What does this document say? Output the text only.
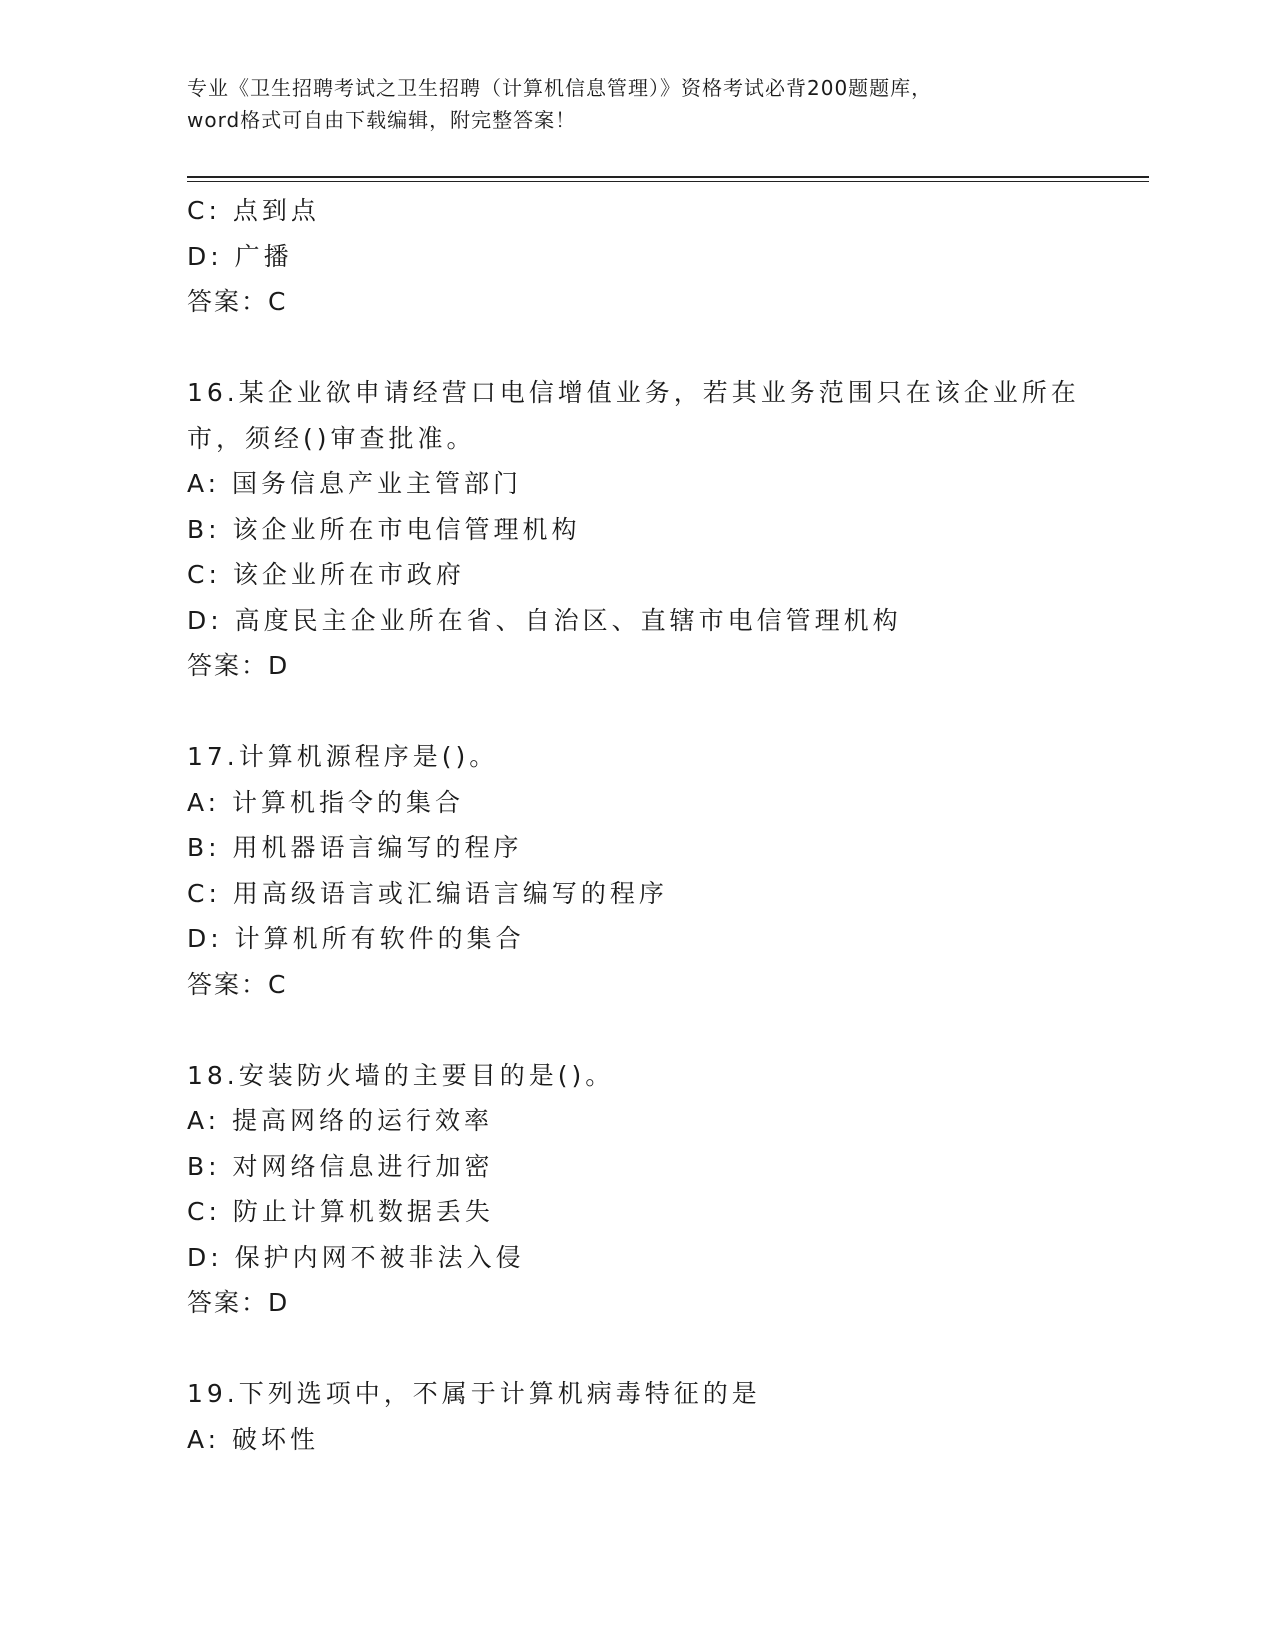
专业《卫生招聘考试之卫生招聘（计算机信息管理）》资格考试必背200题题库，
word格式可自由下载编辑，附完整答案！
C: 点到点
D: 广播
答案：C
16.某企业欲申请经营口电信增值业务，若其业务范围只在该企业所在
市，须经()审查批准。
A: 国务信息产业主管部门
B: 该企业所在市电信管理机构
C: 该企业所在市政府
D: 高度民主企业所在省、自治区、直辖市电信管理机构
答案：D
17.计算机源程序是()。
A: 计算机指令的集合
B: 用机器语言编写的程序
C: 用高级语言或汇编语言编写的程序
D: 计算机所有软件的集合
答案：C
18.安装防火墙的主要目的是()。
A: 提高网络的运行效率
B: 对网络信息进行加密
C: 防止计算机数据丢失
D: 保护内网不被非法入侵
答案：D
19.下列选项中，不属于计算机病毒特征的是
A: 破坏性
